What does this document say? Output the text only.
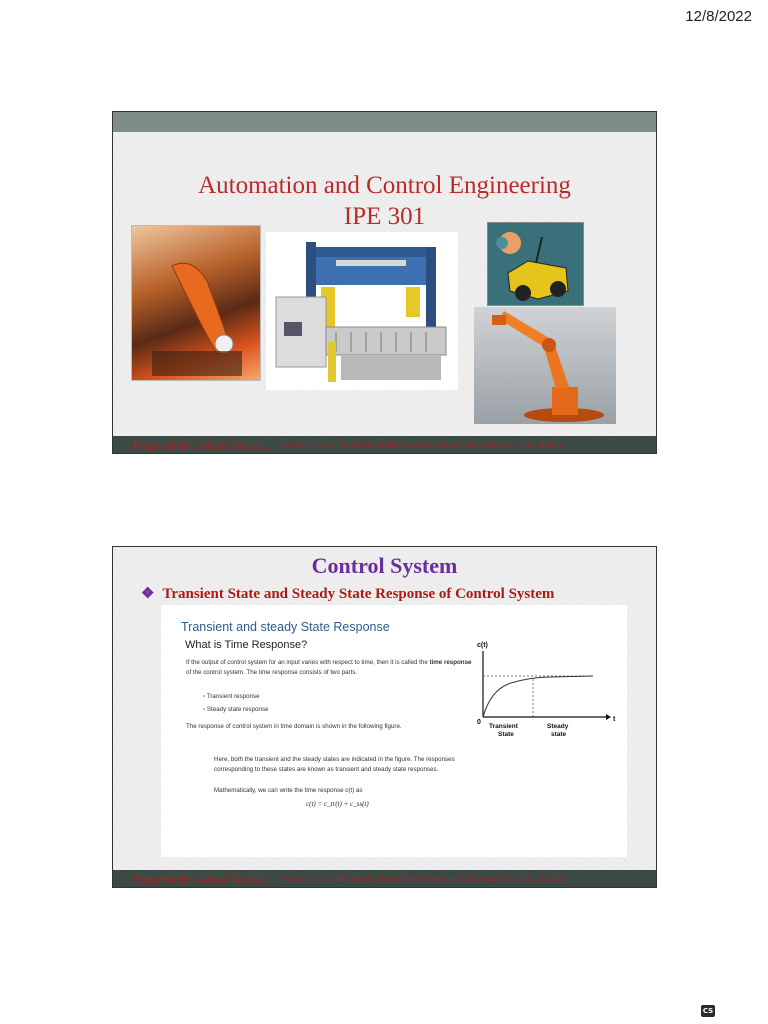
12/8/2022
Automation and Control Engineering
IPE 301
Prepared By: Abdul Wadud, Assistant Professor (Mechanical), Shahid Abdur Rab Serniabat Textile Engineering college, Barishal.
Control System
❖ Transient State and Steady State Response of Control System
Transient and steady State Response
What is Time Response?
If the output of control system for an input varies with respect to time, then it is called the time response of the control system. The time response consists of two parts.
▫ Transient response
▫ Steady state response
The response of control system in time domain is shown in the following figure.
Here, both the transient and the steady states are indicated in the figure. The responses corresponding to these states are known as transient and steady state responses.
Mathematically, we can write the time response c(t) as
c(t) = c_tr(t) + c_ss(t)
c(t)
t
0
Transient
State
Steady
state
Prepared By: Abdul Wadud, Assistant Professor (Mechanical), Shahid Abdur Rab Serniabat Textile Engineering college, Barishal.
CS
